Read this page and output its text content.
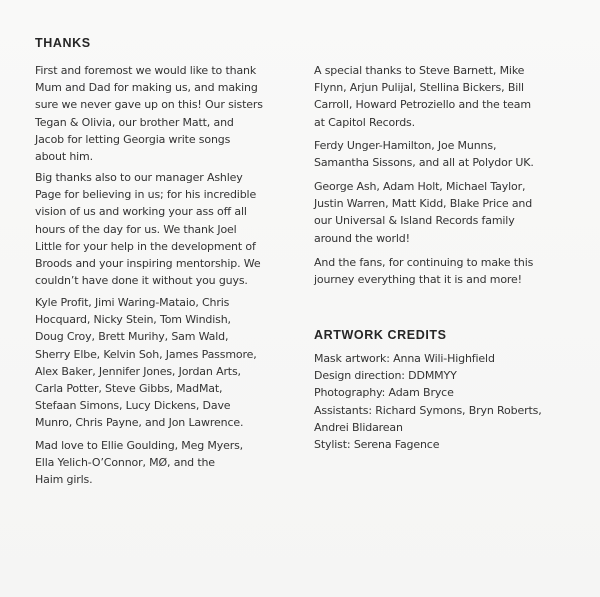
THANKS

First and foremost we would like to thank
Mum and Dad for making us, and making
sure we never gave up on this! Our sisters
Tegan & Olivia, our brother Matt, and
Jacob for letting Georgia write songs
about him.

Big thanks also to our manager Ashley
Page for believing in us; for his incredible
vision of us and working your ass off all
hours of the day for us. We thank Joel
Little for your help in the development of
Broods and your inspiring mentorship. We
couldn’t have done it without you guys.

Kyle Profit, Jimi Waring-Mataio, Chris
Hocquard, Nicky Stein, Tom Windish,
Doug Croy, Brett Murihy, Sam Wald,
Sherry Elbe, Kelvin Soh, James Passmore,
Alex Baker, Jennifer Jones, Jordan Arts,
Carla Potter, Steve Gibbs, MadMat,
Stefaan Simons, Lucy Dickens, Dave
Munro, Chris Payne, and Jon Lawrence.

Mad love to Ellie Goulding, Meg Myers,
Ella Yelich-O’Connor, MØ, and the
Haim girls.

A special thanks to Steve Barnett, Mike
Flynn, Arjun Pulijal, Stellina Bickers, Bill
Carroll, Howard Petroziello and the team
at Capitol Records.

Ferdy Unger-Hamilton, Joe Munns,
Samantha Sissons, and all at Polydor UK.

George Ash, Adam Holt, Michael Taylor,
Justin Warren, Matt Kidd, Blake Price and
our Universal & Island Records family
around the world!

And the fans, for continuing to make this
journey everything that it is and more!

ARTWORK CREDITS
Mask artwork: Anna Wili-Highfield
Design direction: DDMMYY
Photography: Adam Bryce
Assistants: Richard Symons, Bryn Roberts,
Andrei Blidarean
Stylist: Serena Fagence
